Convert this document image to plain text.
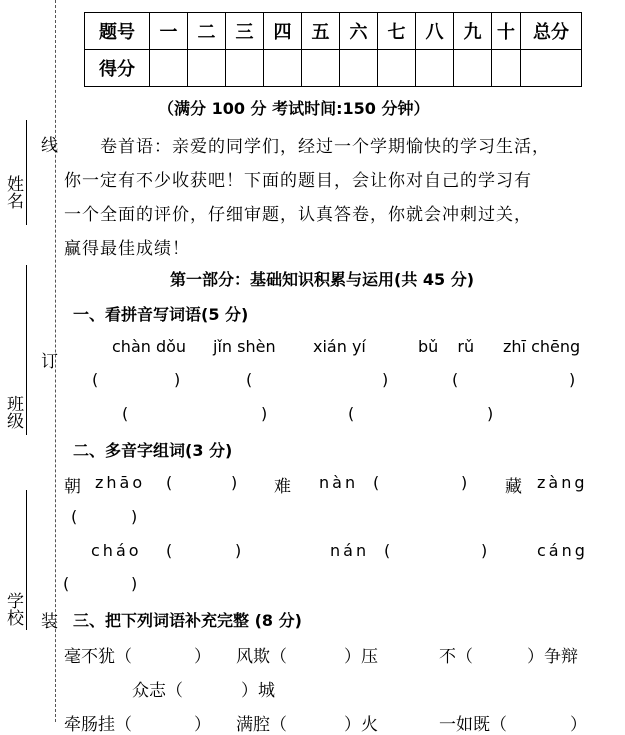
姓名
线
班级
订
学校 装
题号	一	二	三	四	五	六	七	八	九	十	总分
得分											
（满分 100 分 考试时间:150 分钟）
卷首语：亲爱的同学们，经过一个学期愉快的学习生活，
你一定有不少收获吧！下面的题目，会让你对自己的学习有
一个全面的评价，仔细审题，认真答卷，你就会冲刺过关，
赢得最佳成绩！
第一部分：基础知识积累与运用(共 45 分)
一、看拼音写词语(5 分)
chàn dǒu jǐn shèn xián yí	bǔ rǔ zhī chēng
(	)	(	)	(	)
(	)	(	)
二、多音字组词(3 分)
朝 zhāo (	) 难 nàn (	) 藏 zàng
(	)
cháo (	)	nán (	)	cáng
(	)
三、把下列词语补充完整 (8 分)
毫不犹（	） 风欺（	）压	不（	）争辩
众志（	）城
牵肠挂（	） 满腔（	）火	一如既（	）
